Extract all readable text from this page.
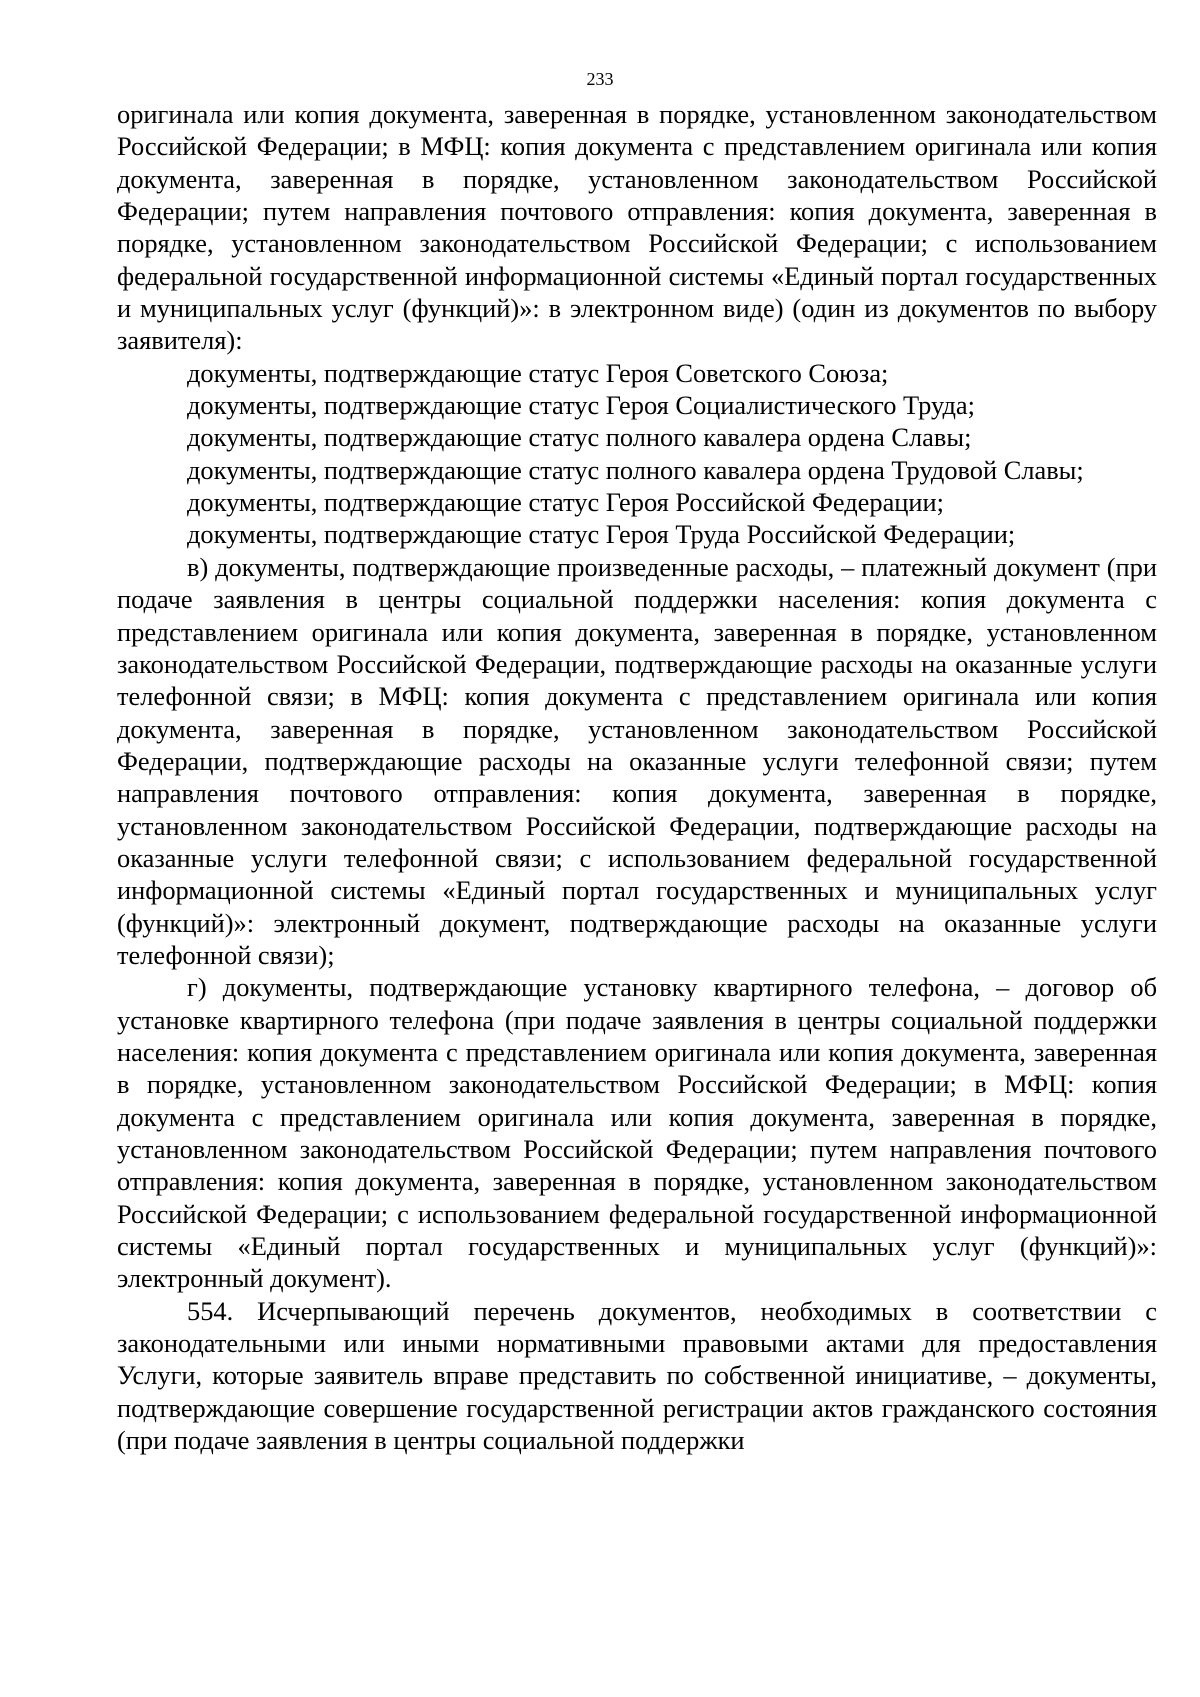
233

оригинала или копия документа, заверенная в порядке, установленном законодательством Российской Федерации; в МФЦ: копия документа с представлением оригинала или копия документа, заверенная в порядке, установленном законодательством Российской Федерации; путем направления почтового отправления: копия документа, заверенная в порядке, установленном законодательством Российской Федерации; с использованием федеральной государственной информационной системы «Единый портал государственных и муниципальных услуг (функций)»: в электронном виде) (один из документов по выбору заявителя):

документы, подтверждающие статус Героя Советского Союза;

документы, подтверждающие статус Героя Социалистического Труда;

документы, подтверждающие статус полного кавалера ордена Славы;

документы, подтверждающие статус полного кавалера ордена Трудовой Славы;

документы, подтверждающие статус Героя Российской Федерации;

документы, подтверждающие статус Героя Труда Российской Федерации;

в) документы, подтверждающие произведенные расходы, – платежный документ (при подаче заявления в центры социальной поддержки населения: копия документа с представлением оригинала или копия документа, заверенная в порядке, установленном законодательством Российской Федерации, подтверждающие расходы на оказанные услуги телефонной связи; в МФЦ: копия документа с представлением оригинала или копия документа, заверенная в порядке, установленном законодательством Российской Федерации, подтверждающие расходы на оказанные услуги телефонной связи; путем направления почтового отправления: копия документа, заверенная в порядке, установленном законодательством Российской Федерации, подтверждающие расходы на оказанные услуги телефонной связи; с использованием федеральной государственной информационной системы «Единый портал государственных и муниципальных услуг (функций)»: электронный документ, подтверждающие расходы на оказанные услуги телефонной связи);

г) документы, подтверждающие установку квартирного телефона, – договор об установке квартирного телефона (при подаче заявления в центры социальной поддержки населения: копия документа с представлением оригинала или копия документа, заверенная в порядке, установленном законодательством Российской Федерации; в МФЦ: копия документа с представлением оригинала или копия документа, заверенная в порядке, установленном законодательством Российской Федерации; путем направления почтового отправления: копия документа, заверенная в порядке, установленном законодательством Российской Федерации; с использованием федеральной государственной информационной системы «Единый портал государственных и муниципальных услуг (функций)»: электронный документ).

554. Исчерпывающий перечень документов, необходимых в соответствии с законодательными или иными нормативными правовыми актами для предоставления Услуги, которые заявитель вправе представить по собственной инициативе, – документы, подтверждающие совершение государственной регистрации актов гражданского состояния (при подаче заявления в центры социальной поддержки
